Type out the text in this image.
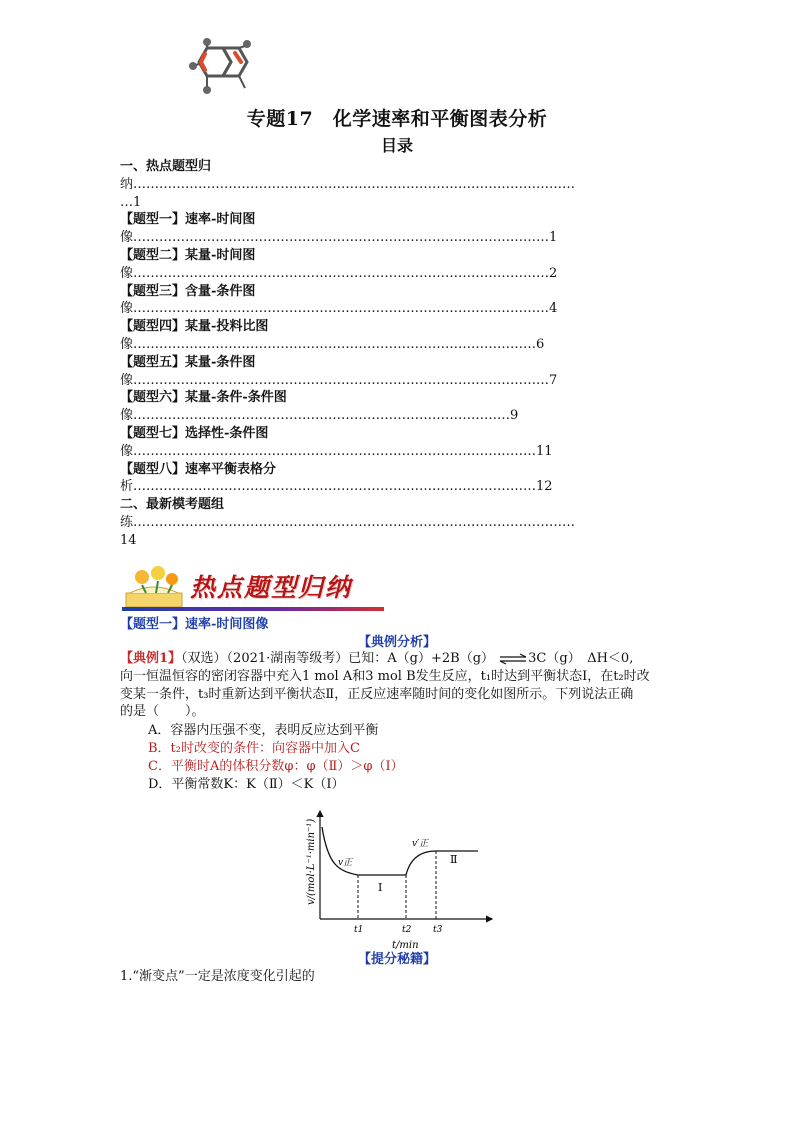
专题17　化学速率和平衡图表分析
目录
一、热点题型归
纳…………………………………………………………………………………………
…1
【题型一】速率-时间图
像……………………………………………………………………………………1
【题型二】某量-时间图
像……………………………………………………………………………………2
【题型三】含量-条件图
像……………………………………………………………………………………4
【题型四】某量-投料比图
像…………………………………………………………………………………6
【题型五】某量-条件图
像……………………………………………………………………………………7
【题型六】某量-条件-条件图
像……………………………………………………………………………9
【题型七】选择性-条件图
像…………………………………………………………………………………11
【题型八】速率平衡表格分
析…………………………………………………………………………………12
二、最新模考题组
练…………………………………………………………………………………………
14
热点题型归纳
【题型一】速率-时间图像
【典例分析】
【典例1】（双选）（2021·湖南等级考）已知：A（g）+2B（g） ⇌3C（g）　ΔH＜0,
向一恒温恒容的密闭容器中充入1 mol A和3 mol B发生反应，t₁时达到平衡状态Ⅰ，在t₂时改
变某一条件，t₃时重新达到平衡状态Ⅱ，正反应速率随时间的变化如图所示。下列说法正确
的是（　　）。
A．容器内压强不变，表明反应达到平衡
B．t₂时改变的条件：向容器中加入C
C．平衡时A的体积分数φ：φ（Ⅱ）＞φ（Ⅰ）
D．平衡常数K：K（Ⅱ）＜K（Ⅰ）
v/(mol·L⁻¹·min⁻¹)
t/min
t1	t2 t3
v正
v′正
Ⅰ
Ⅱ
【提分秘籍】
1.“渐变点”一定是浓度变化引起的
